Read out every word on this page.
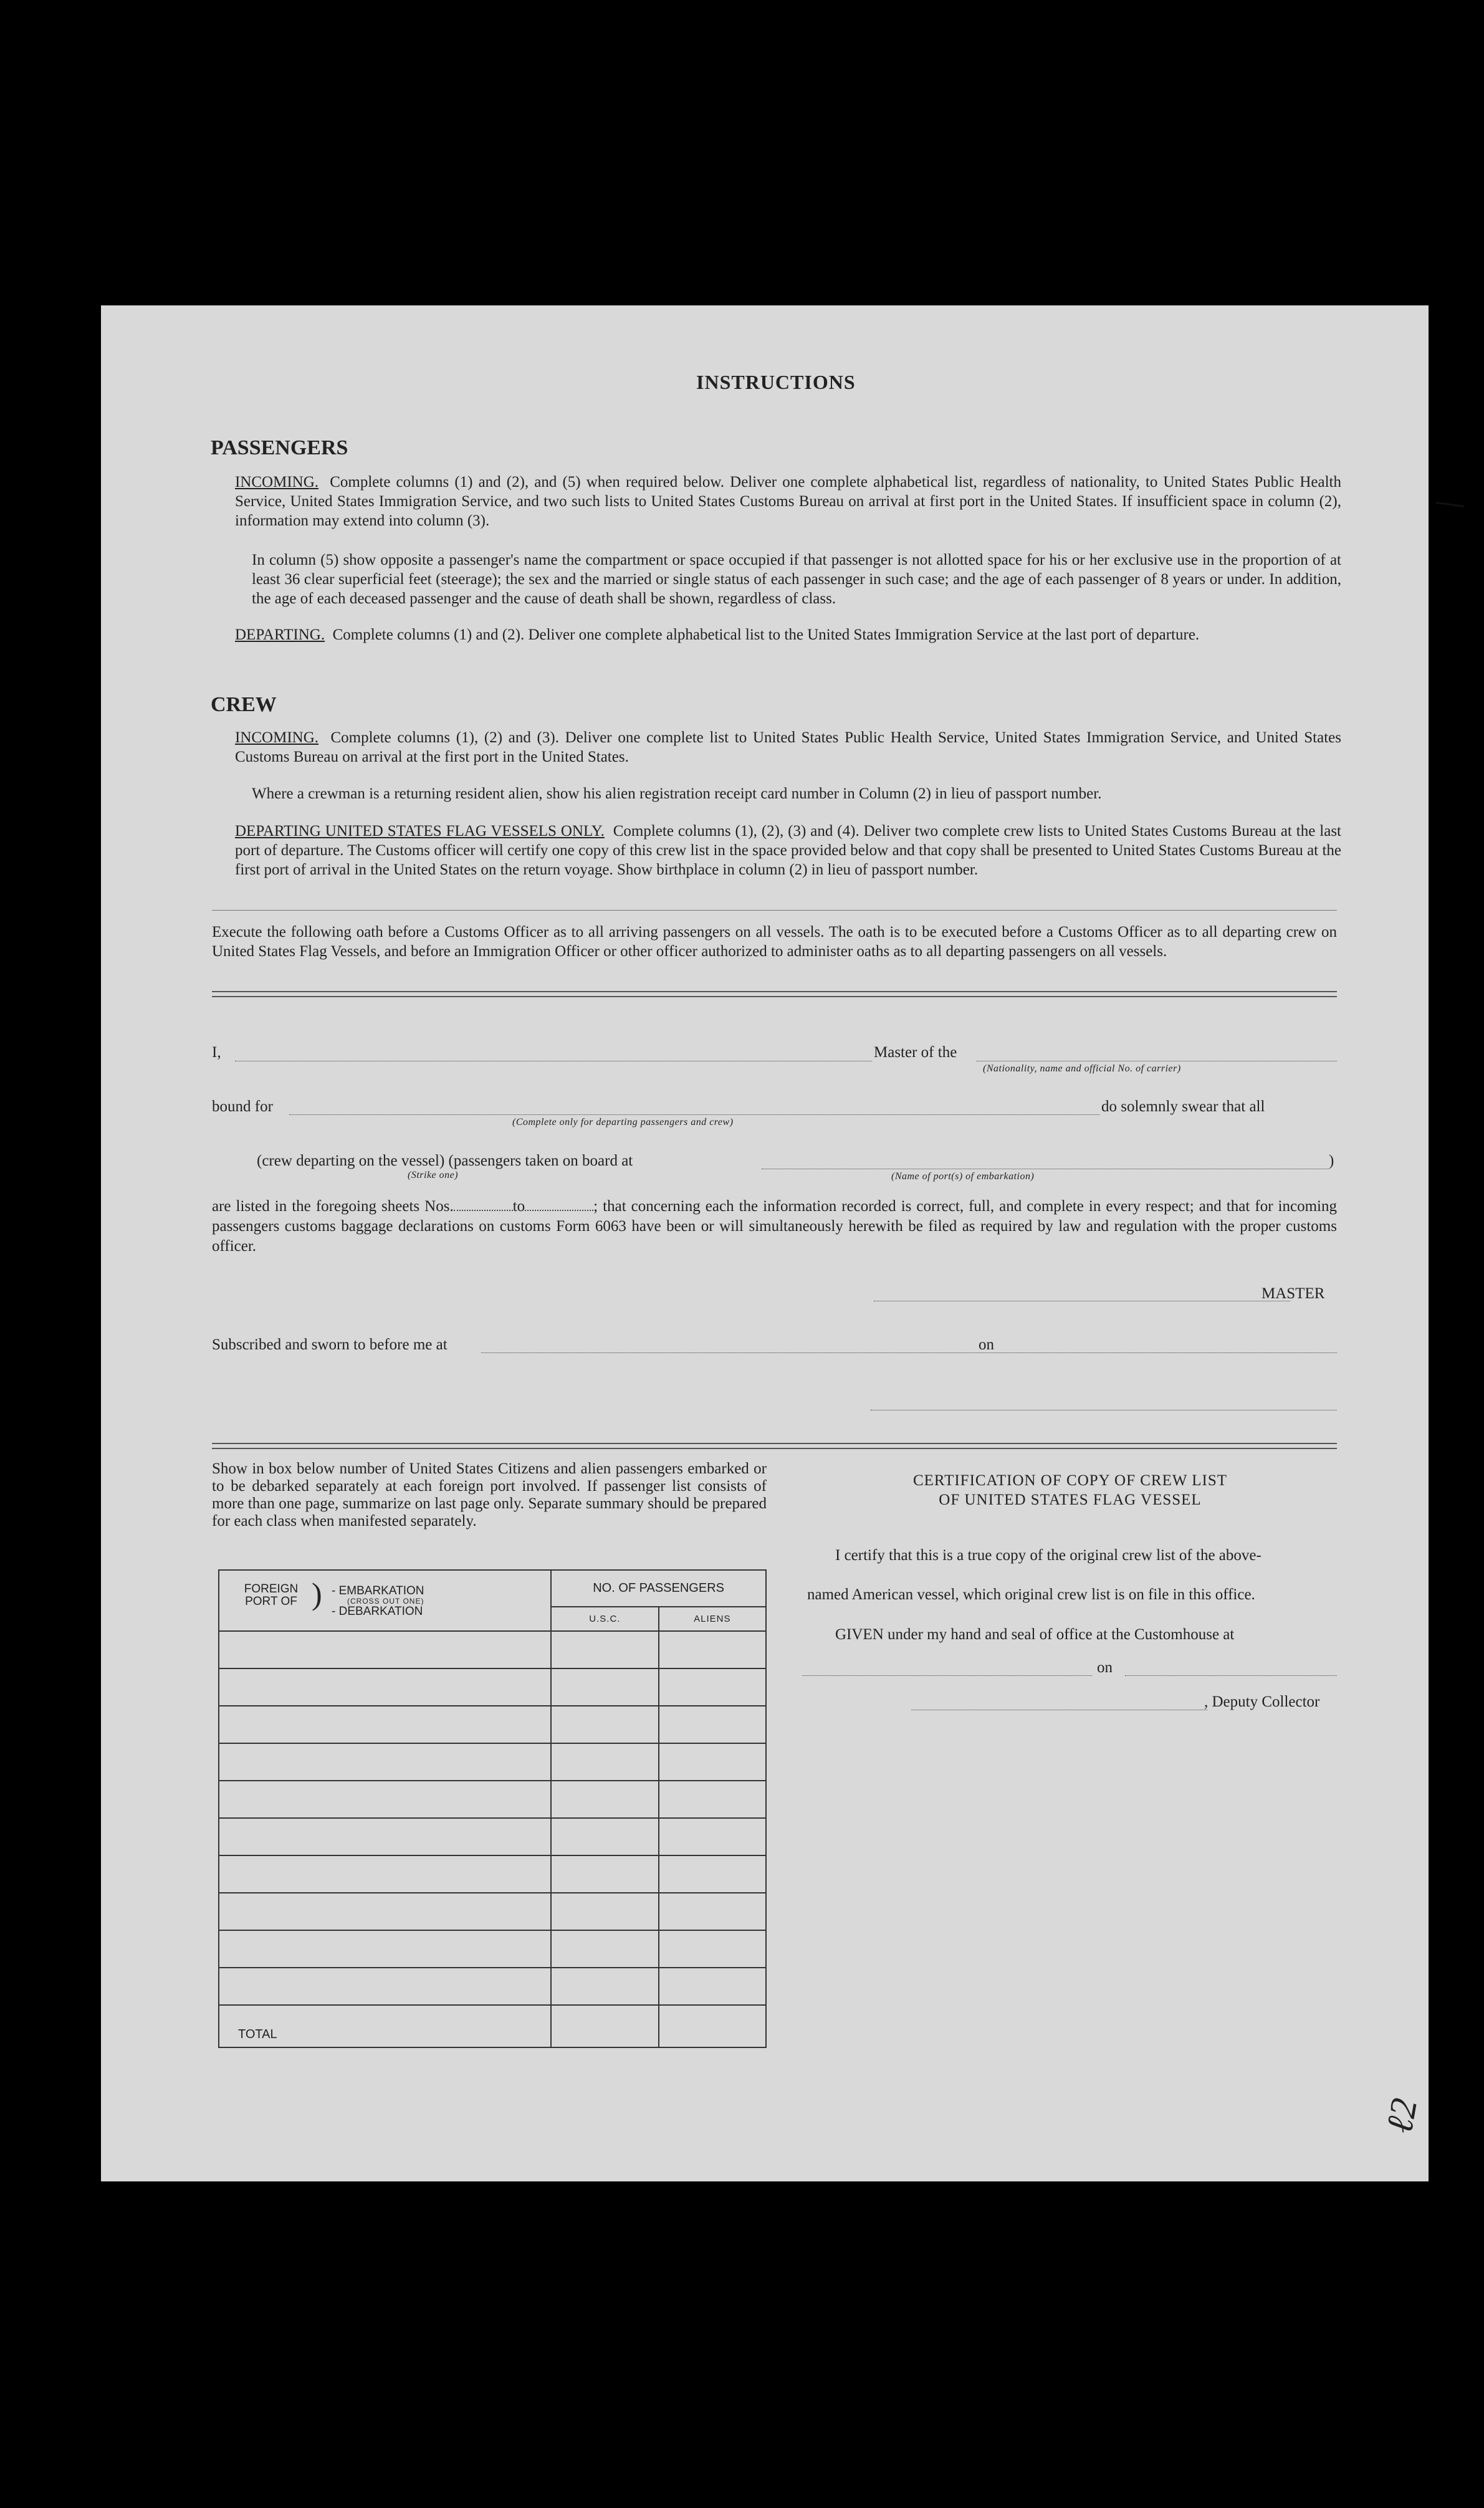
INSTRUCTIONS
PASSENGERS
INCOMING. Complete columns (1) and (2), and (5) when required below. Deliver one complete alphabetical list, regardless of nationality, to United States Public Health Service, United States Immigration Service, and two such lists to United States Customs Bureau on arrival at first port in the United States. If insufficient space in column (2), information may extend into column (3).
In column (5) show opposite a passenger's name the compartment or space occupied if that passenger is not allotted space for his or her exclusive use in the proportion of at least 36 clear superficial feet (steerage); the sex and the married or single status of each passenger in such case; and the age of each passenger of 8 years or under. In addition, the age of each deceased passenger and the cause of death shall be shown, regardless of class.
DEPARTING. Complete columns (1) and (2). Deliver one complete alphabetical list to the United States Immigration Service at the last port of departure.
CREW
INCOMING. Complete columns (1), (2) and (3). Deliver one complete list to United States Public Health Service, United States Immigration Service, and United States Customs Bureau on arrival at the first port in the United States.
Where a crewman is a returning resident alien, show his alien registration receipt card number in Column (2) in lieu of passport number.
DEPARTING UNITED STATES FLAG VESSELS ONLY. Complete columns (1), (2), (3) and (4). Deliver two complete crew lists to United States Customs Bureau at the last port of departure. The Customs officer will certify one copy of this crew list in the space provided below and that copy shall be presented to United States Customs Bureau at the first port of arrival in the United States on the return voyage. Show birthplace in column (2) in lieu of passport number.
Execute the following oath before a Customs Officer as to all arriving passengers on all vessels. The oath is to be executed before a Customs Officer as to all departing crew on United States Flag Vessels, and before an Immigration Officer or other officer authorized to administer oaths as to all departing passengers on all vessels.
I,	Master of the
(Nationality, name and official No. of carrier)
bound for	do solemnly swear that all
(Complete only for departing passengers and crew)
(crew departing on the vessel) (passengers taken on board at
(Strike one)
)
(Name of port(s) of embarkation)
are listed in the foregoing sheets Nos.	to	; that concerning each the information recorded is correct, full, and complete in every respect; and that for incoming passengers customs baggage declarations on customs Form 6063 have been or will simultaneously herewith be filed as required by law and regulation with the proper customs officer.
MASTER
Subscribed and sworn to before me at	on
Show in box below number of United States Citizens and alien passengers embarked or to be debarked separately at each foreign port involved. If passenger list consists of more than one page, summarize on last page only. Separate summary should be prepared for each class when manifested separately.
FOREIGN PORT OF ) - EMBARKATION
(CROSS OUT ONE)
- DEBARKATION	NO. OF PASSENGERS	
	U.S.C.	ALIENS

TOTAL		
CERTIFICATION OF COPY OF CREW LIST
OF UNITED STATES FLAG VESSEL
I certify that this is a true copy of the original crew list of the above-
named American vessel, which original crew list is on file in this office.
GIVEN under my hand and seal of office at the Customhouse at
on
, Deputy Collector
ℓ2
